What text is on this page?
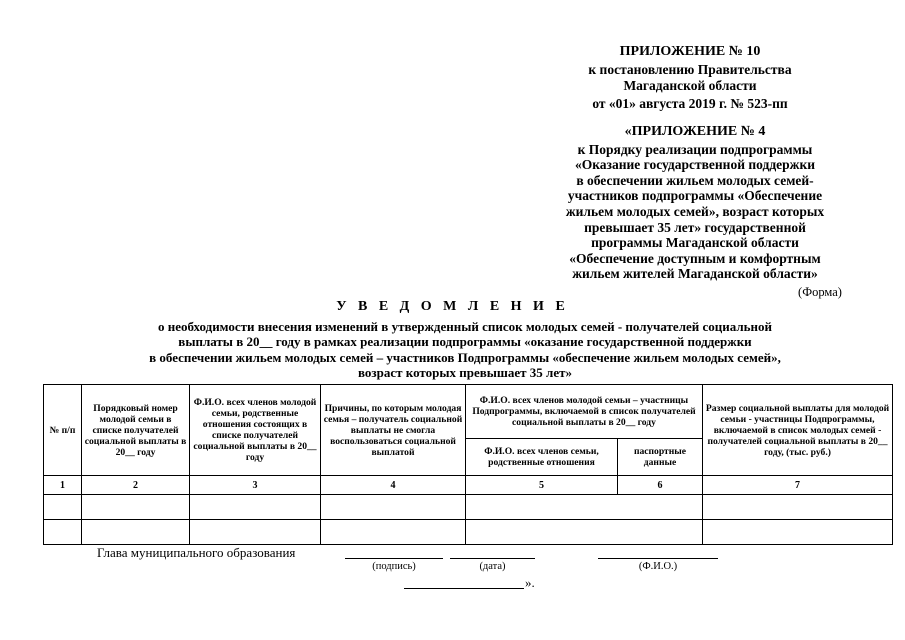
ПРИЛОЖЕНИЕ № 10
к постановлению Правительства
Магаданской области
от «01» августа 2019 г. № 523-пп
«ПРИЛОЖЕНИЕ № 4
к Порядку реализации подпрограммы
«Оказание государственной поддержки
в обеспечении жильем молодых семей-
участников подпрограммы «Обеспечение
жильем молодых семей», возраст которых
превышает 35 лет» государственной
программы Магаданской области
«Обеспечение доступным и комфортным
жильем жителей Магаданской области»
(Форма)
У В Е Д О М Л Е Н И Е
о необходимости внесения изменений в утвержденный список молодых семей - получателей социальной
выплаты в 20__ году в рамках реализации подпрограммы «оказание государственной поддержки
в обеспечении жильем молодых семей – участников Подпрограммы «обеспечение жильем молодых семей»,
возраст которых превышает 35 лет»
№ п/п	Порядковый номер молодой семьи в списке получателей социальной выплаты в 20__ году	Ф.И.О. всех членов молодой семьи, родственные отношения состоящих в списке получателей социальной выплаты в 20__ году	Причины, по которым молодая семья – получатель социальной выплаты не смогла воспользоваться социальной выплатой	Ф.И.О. всех членов молодой семьи – участницы Подпрограммы, включаемой в список получателей социальной выплаты в 20__ году		Размер социальной выплаты для молодой семьи - участницы Подпрограммы, включаемой в список молодых семей - получателей социальной выплаты в 20__ году, (тыс. руб.)
				Ф.И.О. всех членов семьи, родственные отношения	паспортные данные	
1	2	3	4	5	6	7

Глава муниципального образования
(подпись)	(дата)	(Ф.И.О.)
».
